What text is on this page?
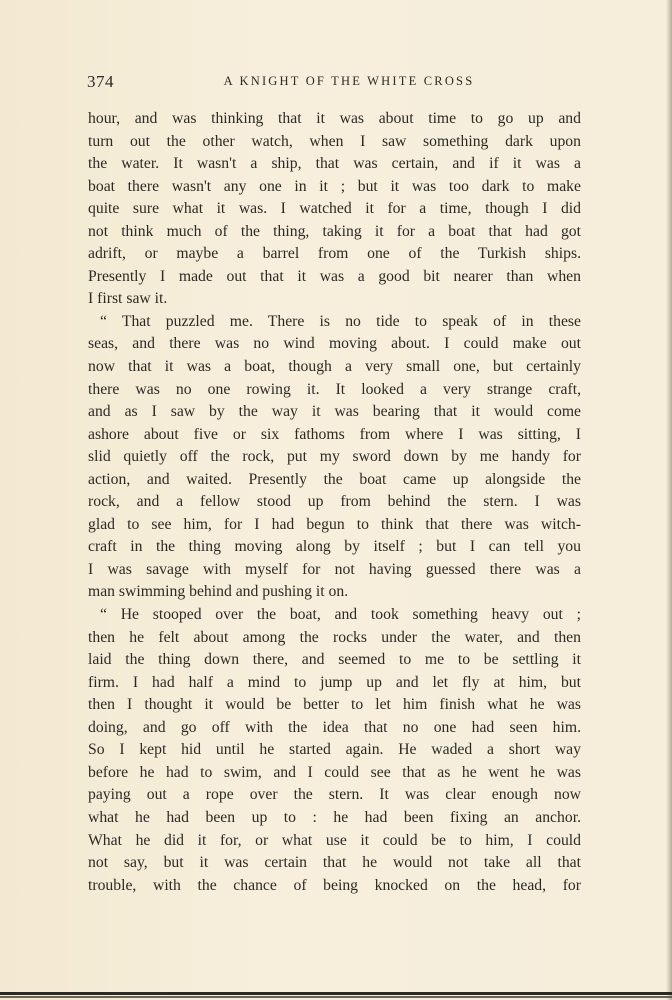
374	A KNIGHT OF THE WHITE CROSS
hour, and was thinking that it was about time to go up and
turn out the other watch, when I saw something dark upon
the water. It wasn't a ship, that was certain, and if it was a
boat there wasn't any one in it ; but it was too dark to make
quite sure what it was. I watched it for a time, though I did
not think much of the thing, taking it for a boat that had got
adrift, or maybe a barrel from one of the Turkish ships.
Presently I made out that it was a good bit nearer than when
I first saw it.
“ That puzzled me. There is no tide to speak of in these
seas, and there was no wind moving about. I could make out
now that it was a boat, though a very small one, but certainly
there was no one rowing it. It looked a very strange craft,
and as I saw by the way it was bearing that it would come
ashore about five or six fathoms from where I was sitting, I
slid quietly off the rock, put my sword down by me handy for
action, and waited. Presently the boat came up alongside the
rock, and a fellow stood up from behind the stern. I was
glad to see him, for I had begun to think that there was witch-
craft in the thing moving along by itself ; but I can tell you
I was savage with myself for not having guessed there was a
man swimming behind and pushing it on.
“ He stooped over the boat, and took something heavy out ;
then he felt about among the rocks under the water, and then
laid the thing down there, and seemed to me to be settling it
firm. I had half a mind to jump up and let fly at him, but
then I thought it would be better to let him finish what he was
doing, and go off with the idea that no one had seen him.
So I kept hid until he started again. He waded a short way
before he had to swim, and I could see that as he went he was
paying out a rope over the stern. It was clear enough now
what he had been up to : he had been fixing an anchor.
What he did it for, or what use it could be to him, I could
not say, but it was certain that he would not take all that
trouble, with the chance of being knocked on the head, for
